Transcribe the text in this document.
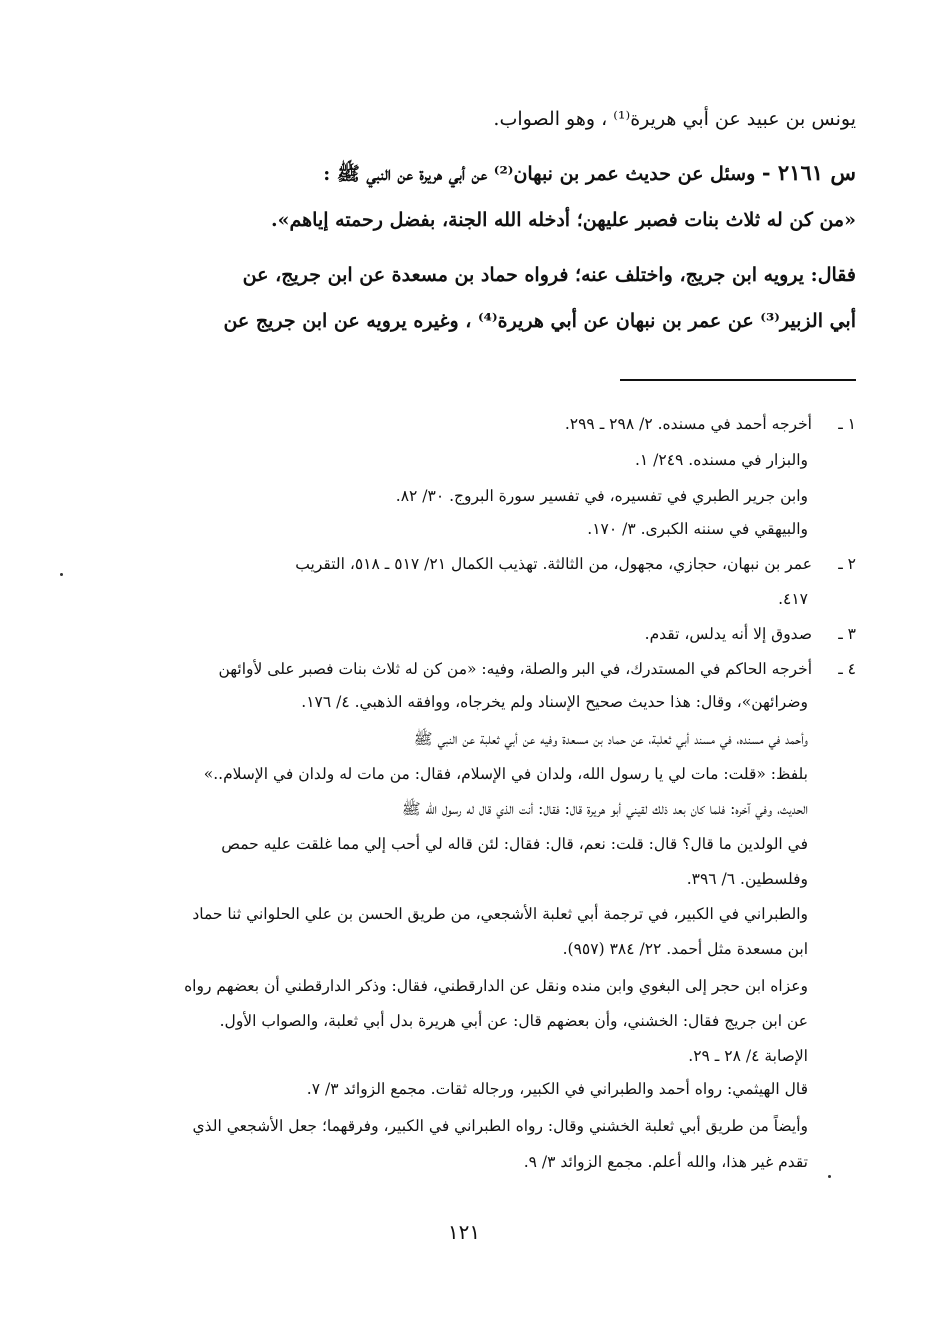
يونس بن عبيد عن أبي هريرة⁽¹⁾ ، وهو الصواب.
س ٢١٦١ - وسئل عن حديث عمر بن نبهان⁽²⁾ عن أبي هريرة عن النبي ﷺ :
«من كن له ثلاث بنات فصبر عليهن؛ أدخله الله الجنة، بفضل رحمته إياهم».
فقال: يرويه ابن جريج، واختلف عنه؛ فرواه حماد بن مسعدة عن ابن جريج، عن
أبي الزبير⁽³⁾ عن عمر بن نبهان عن أبي هريرة⁽⁴⁾ ، وغيره يرويه عن ابن جريج عن
١ ـأخرجه أحمد في مسنده. ٢/ ٢٩٨ ـ ٢٩٩.
والبزار في مسنده. ٢٤٩/ ١.
وابن جرير الطبري في تفسيره، في تفسير سورة البروج. ٣٠/ ٨٢.
والبيهقي في سننه الكبرى. ٣/ ١٧٠.
٢ ـعمر بن نبهان، حجازي، مجهول، من الثالثة. تهذيب الكمال ٢١/ ٥١٧ ـ ٥١٨، التقريب
٤١٧.
٣ ـصدوق إلا أنه يدلس، تقدم.
٤ ـأخرجه الحاكم في المستدرك، في البر والصلة، وفيه: «من كن له ثلاث بنات فصبر على لأوائهن
وضرائهن»، وقال: هذا حديث صحيح الإسناد ولم يخرجاه، ووافقه الذهبي. ٤/ ١٧٦.
وأحمد في مسنده، في مسند أبي ثعلبة، عن حماد بن مسعدة وفيه عن أبي ثعلبة عن النبي ﷺ
بلفظ: «قلت: مات لي يا رسول الله، ولدان في الإسلام، فقال: من مات له ولدان في الإسلام..»
الحديث، وفي آخره: فلما كان بعد ذلك لقيني أبو هريرة قال: فقال: أنت الذي قال له رسول الله ﷺ
في الولدين ما قال؟ قال: قلت: نعم، قال: فقال: لئن قاله لي أحب إلي مما غلقت عليه حمص
وفلسطين. ٦/ ٣٩٦.
والطبراني في الكبير، في ترجمة أبي ثعلبة الأشجعي، من طريق الحسن بن علي الحلواني ثنا حماد
ابن مسعدة مثل أحمد. ٢٢/ ٣٨٤ (٩٥٧).
وعزاه ابن حجر إلى البغوي وابن منده ونقل عن الدارقطني، فقال: وذكر الدارقطني أن بعضهم رواه
عن ابن جريج فقال: الخشني، وأن بعضهم قال: عن أبي هريرة بدل أبي ثعلبة، والصواب الأول.
الإصابة ٤/ ٢٨ ـ ٢٩.
قال الهيثمي: رواه أحمد والطبراني في الكبير، ورجاله ثقات. مجمع الزوائد ٣/ ٧.
وأيضاً من طريق أبي ثعلبة الخشني وقال: رواه الطبراني في الكبير، وفرقهما؛ جعل الأشجعي الذي
تقدم غير هذا، والله أعلم. مجمع الزوائد ٣/ ٩.
١٢١
